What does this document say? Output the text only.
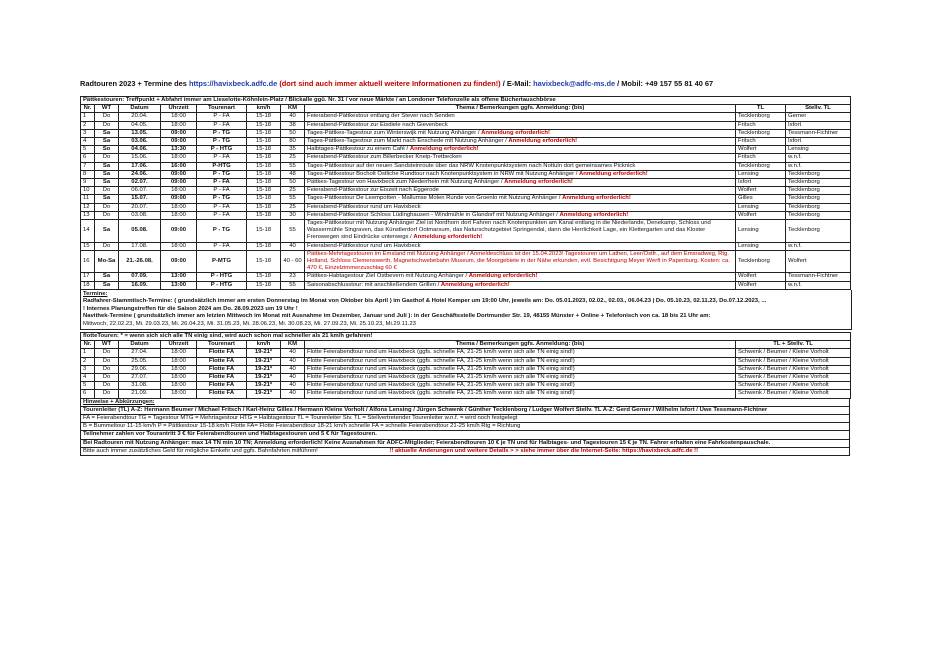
Radtouren 2023 + Termine des https://havixbeck.adfc.de (dort sind auch immer aktuell weitere Informationen zu finden!) / E-Mail: havixbeck@adfc-ms.de / Mobil: +49 157 55 81 40 67
Pättkestouren: Treffpunkt + Abfahrt immer am Lieselotte-Köhnlein-Platz / Blickalle ggü. Nr. 31 / vor neue Märkte / an Londoner Telefonzelle als offene Büchertauschbörse									
Nr.	WT	Datum	Uhrzeit	Tourenart	km/h	KM	Thema / Bemerkungen ggfs. Anmeldung: (bis)	TL	Stellv. TL
1	Do	20.04.	18:00	P - FA	15-18	40	Feierabend-Pättkestour entlang der Stever nach Senden	Tecklenborg	Gerner
2	Do	04.05.	18:00	P - FA	15-18	38	Feierabend-Pättkestour zur Eisdiele nach Gievenbeck	Fritsch	Isfort
3	Sa	13.05.	09:00	P - TG	15-18	50	Tages-Pättkes-Tagestour zum Winterswijk mit Nutzung Anhänger / Anmeldung erforderlich!	Tecklenborg	Tessmann-Fichtner
4	Sa	03.06.	09:00	P - TG	15-18	80	Tages-Pättkes-Tagestour zum Markt nach Enschede mit Nutzung Anhänger / Anmeldung erforderlich!	Fritsch	Isfort
5	So	04.06.	13:30	P - HTG	15-18	35	Halbtages-Pättkestour zu einem Café / Anmeldung erforderlich!	Wolfert	Lensing
6	Do	15.06.	18:00	P - FA	15-18	25	Feierabend-Pättkestour zum Billerbecker Kneip-Tretbecken	Fritsch	w.n.f.
7	Sa	17.06.	16:00	P-HTG	15-18	55	Tages-Pättkestour auf der neuen Sandsteinroute über das NRW Knotenpunktsystem nach Nottuln dort gemeinsames Picknick	Tecklenborg	w.n.f.
8	Sa	24.06.	09:00	P - TG	15-18	48	Tages-Pättkestour Bocholt Östliche Rundtour nach Knotenpunktsystem in NRW mit Nutzung Anhänger / Anmeldung erforderlich!	Lensing	Tecklenborg
9	Sa	02.07.	09:00	P - FA	15-18	50	Pättkes-Tagestour von Havixbeck zum Niederrhein mit Nutzung Anhänger / Anmeldung erforderlich!	Isfort	Tecklenborg
10	Do	06.07.	18:00	P - FA	15-18	25	Feierabend-Pättkestour zur Eiszeit nach Eggerode	Wolfert	Tecklenborg
11	Sa	15.07.	09:00	P - TG	15-18	55	Tages-Pättkestour De Leempotten - Mallumse Molen Runde von Groenlo mit Nutzung Anhänger / Anmeldung erforderlich!	Gilles	Tecklenborg
12	Do	20.07.	18:00	P - FA	15-18	25	Feierabend-Pättkestour rund um Havixbeck	Lensing	Tecklenborg
13	Do	03.08.	18:00	P - FA	15-18	30	Feierabend-Pättkestour Schloss Lüdinghausen - Windmühle in Glandorf mit Nutzung Anhänger / Anmeldung erforderlich!	Wolfert	Tecklenborg
14	Sa	05.08.	09:00	P - TG	15-18	55	Tages-Pättkestour mit Nutzung Anhänger Ziel ist Nordhorn dort Fahren nach Knotenpunkten am Kanal entlang in die Niederlande, Denekamp, Schloss und Wassermühle Singraven, das Künstlerdorf Ootmarsum, das Naturschutzgebiet Springendal, dann die Herrlichkeit Lage, ein Klettergarten und das Kloster Frenswegen sind Eindrücke unterwegs / Anmeldung erforderlich!	Lensing	Tecklenborg
15	Do	17.08.	18:00	P - FA	15-18	40	Feierabend-Pättkestour rund um Havixbeck	Lensing	w.n.f.
16	Mo-Sa	21.-26.08.	09:00	P-MTG	15-18	40 - 60	Pättkes-Mehrtagestouren im Emsland mit Nutzung Anhänger / Anmeldeschluss ist der 15.04.2023! Tagestouren um Lathen, Leer/Ostfr., auf dem Emsradweg, Rtg. Holland, Schloss Clemenswerth, Magnetschwebebahn Museum, die Moorgebiete in der Nähe erkunden, evtl. Besichtigung Meyer Werft in Papenburg. Kosten: ca. 470 €, Einzelzimmerzuschlag 60 €	Tecklenborg	Wolfert
17	Sa	07.09.	13:00	P - HTG	15-18	23	Pättkes-Habtagestour Ziel Ostbevern mit Nutzung Anhänger / Anmeldung erforderlich!	Wolfert	Tessmann-Fichtner
18	Sa	16.09.	13:00	P - HTG	15-18	55	Saisonabschlusstour: mit anschließendem Grillen / Anmeldung erforderlich!	Wolfert	w.n.f.
Termine:
Radfahrer-Stammtisch-Termine: ( grundsätzlich immer am ersten Donnerstag im Monat von Oktober bis April ) im Gasthof & Hotel Kemper um 19:00 Uhr, jeweils am: Do. 05.01.2023, 02.02., 02.03., 06.04.23 | Do. 05.10.23, 02.11.23, Do.07.12.2023, ...
! Internes Planungstreffen für die Saison 2024 am Do. 28.09.2023 um 19 Uhr !
Navithek-Termine ( grundsätzlich immer am letzten Mittwoch im Monat mit Ausnahme im Dezember, Januar und Juli ): in der Geschäftsstelle Dortmunder Str. 19, 48155 Münster + Online + Telefonisch von ca. 18 bis 21 Uhr am:
Mittwoch, 22.02.23, Mi. 29.03.23, Mi. 26.04.23, Mi. 31.05.23, Mi. 28.06.23, Mi. 30.08.23, Mi. 27.09.23, Mi. 25.10.23, Mi.29.11.23
flotteTouren: * = wenn sich sich alle TN einig sind, wird auch schon mal schneller als 21 km/h gefahren!								
Nr.	WT	Datum	Uhrzeit	Tourenart	km/h	KM	Thema / Bemerkungen ggfs. Anmeldung: (bis)	TL + Stellv. TL
1	Do	27.04.	18:00	Flotte FA	19-21*	40	Flotte Feierabendtour rund um Havixbeck (ggfs. schnelle FA, 21-25 km/h wenn sich alle TN einig sind!)	Schwenk / Beumer / Kleine Vorholt
2	Do	25.05.	18:00	Flotte FA	19-21*	40	Flotte Feierabendtour rund um Havixbeck (ggfs. schnelle FA, 21-25 km/h wenn sich alle TN einig sind!)	Schwenk / Beumer / Kleine Vorholt
3	Do	29.06.	18:00	Flotte FA	19-21*	40	Flotte Feierabendtour rund um Havixbeck (ggfs. schnelle FA, 21-25 km/h wenn sich alle TN einig sind!)	Schwenk / Beumer / Kleine Vorholt
4	Do	27.07.	18:00	Flotte FA	19-21*	40	Flotte Feierabendtour rund um Havixbeck (ggfs. schnelle FA, 21-25 km/h wenn sich alle TN einig sind!)	Schwenk / Beumer / Kleine Vorholt
5	Do	31.08.	18:00	Flotte FA	19-21*	40	Flotte Feierabendtour rund um Havixbeck (ggfs. schnelle FA, 21-25 km/h wenn sich alle TN einig sind!)	Schwenk / Beumer / Kleine Vorholt
6	Do	21.09.	18:00	Flotte FA	19-21*	40	Flotte Feierabendtour rund um Havixbeck (ggfs. schnelle FA, 21-25 km/h wenn sich alle TN einig sind!)	Schwenk / Beumer / Kleine Vorholt
Hinweise + Abkürzungen:
Tourenleiter (TL) A-Z: Hermann Beumer / Michael Fritsch / Karl-Heinz Gilles / Hermann Kleine Vorholt / Alfons Lensing / Jürgen Schwenk / Günther Tecklenborg / Ludger Wolfert Stellv. TL A-Z: Gerd Gerner / Wilhelm Isfort / Uwe Tessmann-Fichtner
FA = Feierabendtour TG = Tagestour MTG = Mehrtagestour HTG = Halbtagestour TL = Tourenleiter Stv. TL = Stellvertretender Tourenleiter w.n.f. = wird noch festgelegt
B = Bummeltour 11-15 km/h P = Pättkestour 15-18 km/h Flotte FA= Flotte Feierabendtour 18-21 km/h schnelle FA = schnelle Feierabendtour 21-25 km/h Rtg = Richtung
Teilnehmer zahlen vor Tourantritt 3 € für Feierabendtouren und Halbtagestouren und 5 € für Tagestouren.
Bei Radtouren mit Nutzung Anhänger: max 14 TN min 10 TN; Anmeldung erforderlich! Keine Ausnahmen für ADFC-Mitglieder; Feierabendtouren 10 € je TN und für Halbtages- und Tagestouren 15 € je TN. Fahrer erhalten eine Fahrkostenpauschale.
Bitte auch immer zusätzliches Geld für mögliche Einkehr und ggfs. Bahnfahrten mitführen!	!! aktuelle Änderungen und weitere Details > > siehe immer über die Internet-Seite: https://havixbeck.adfc.de !!
